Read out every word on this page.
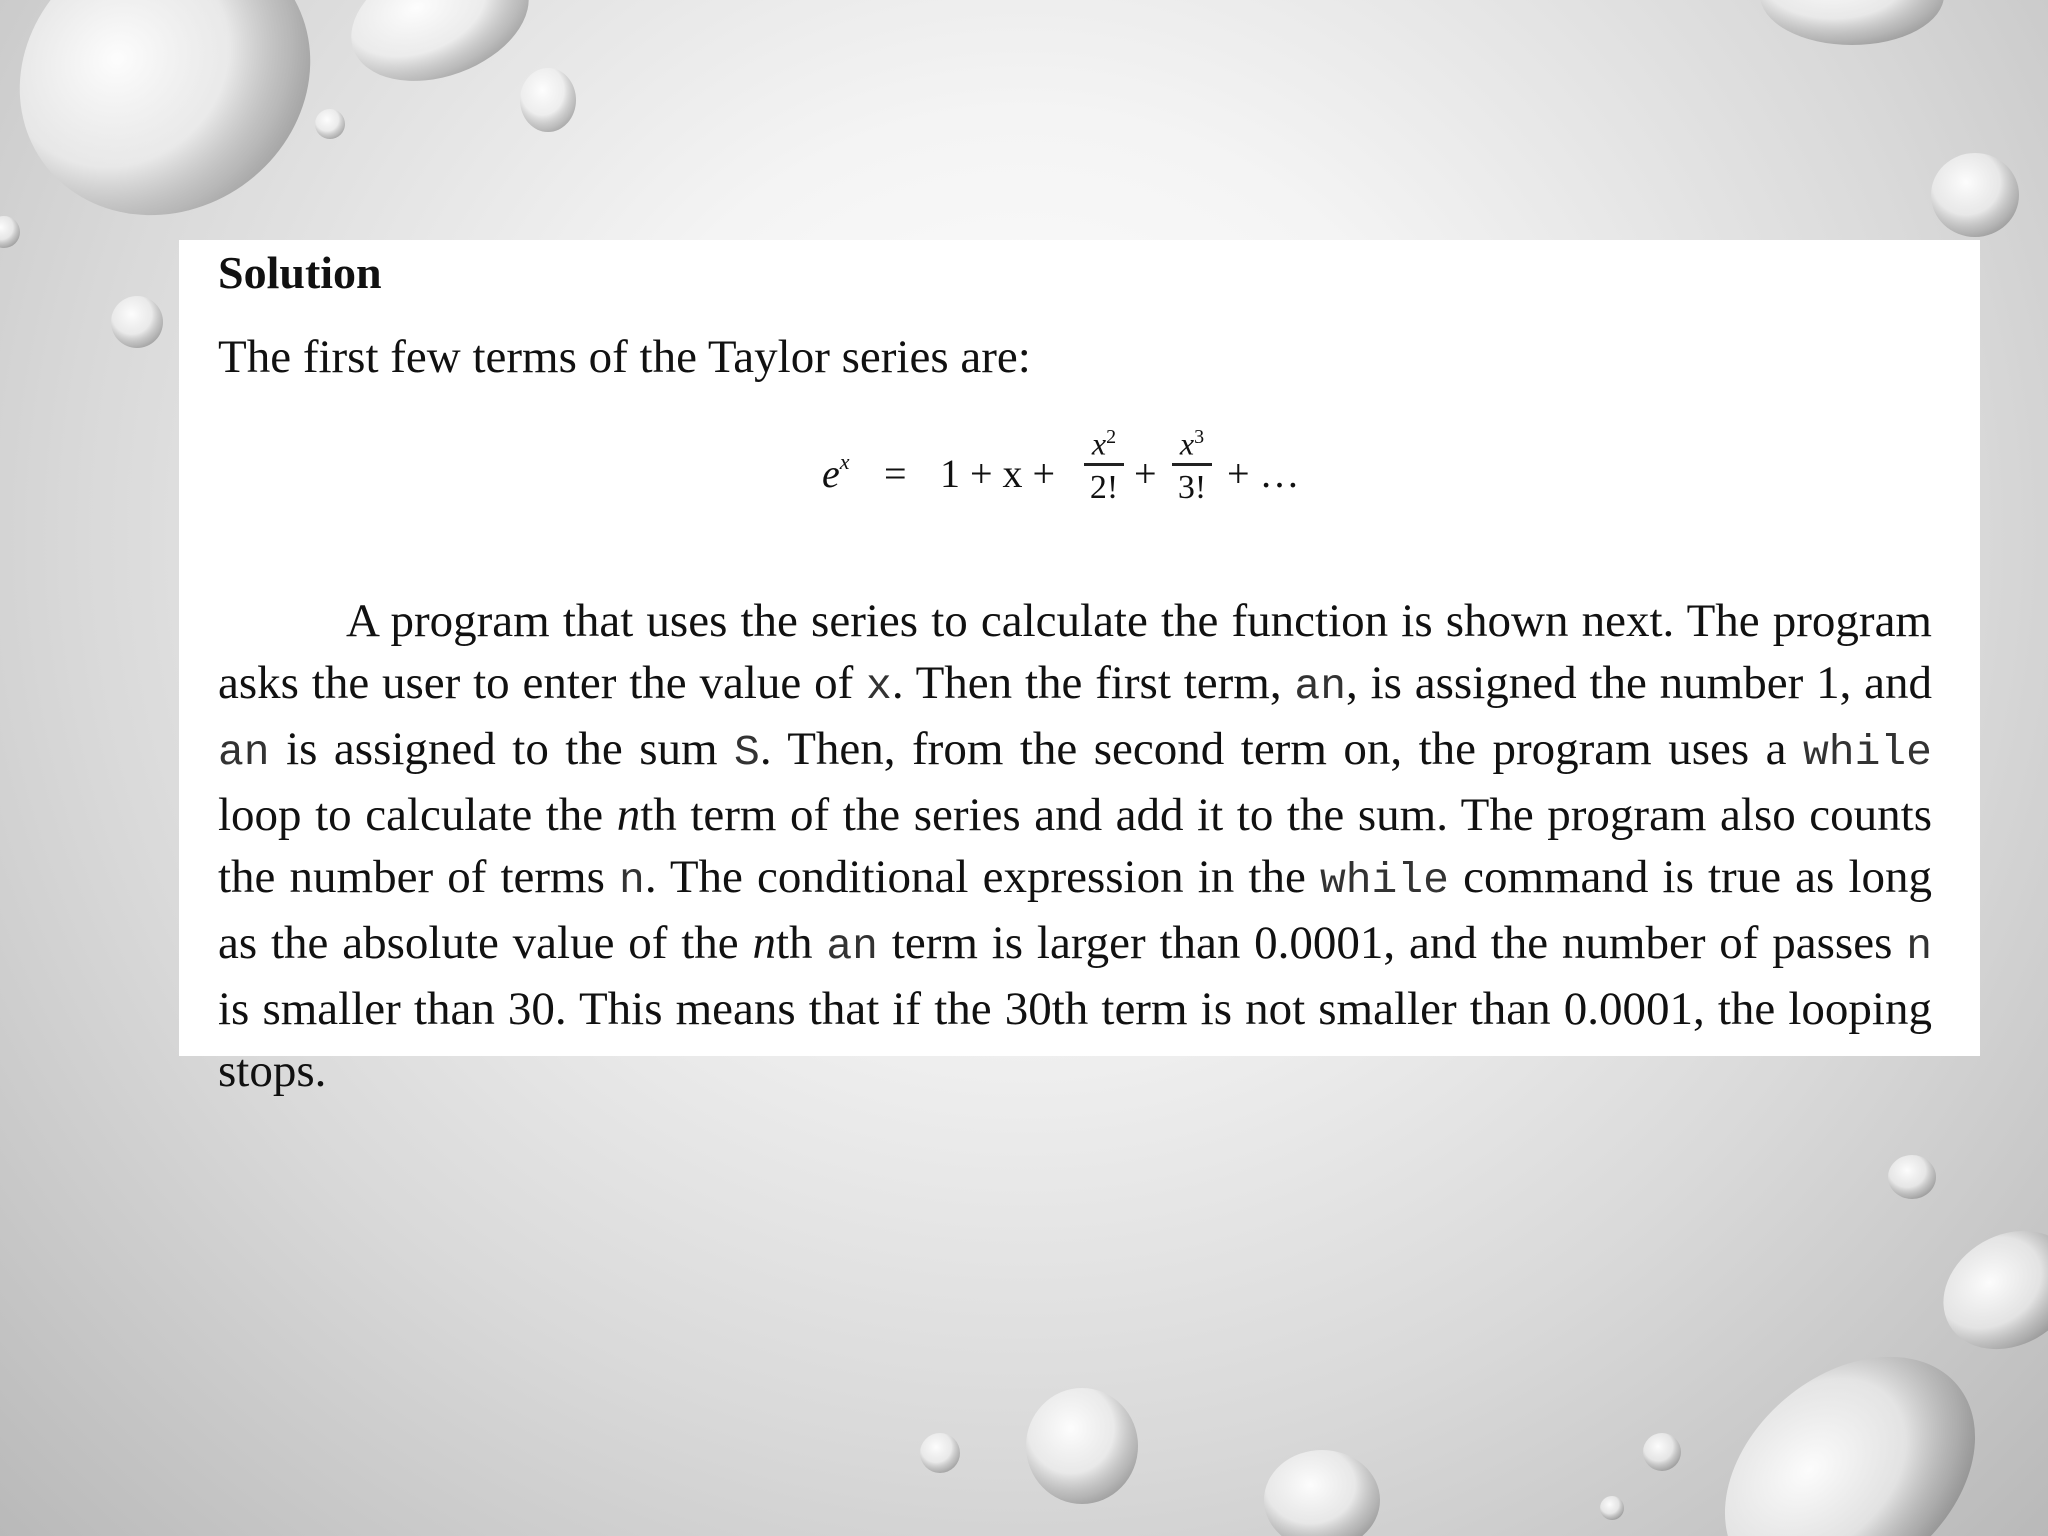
Solution
The first few terms of the Taylor series are:
$e^x = 1 + x$ +
$x^2$
2! +
$x^3$
3! + …

A program that uses the series to calculate the function is shown next. The program asks the user to enter the value of x. Then the first term, an, is assigned the number 1, and an is assigned to the sum S. Then, from the second term on, the program uses a while loop to calculate the nth term of the series and add it to the sum. The program also counts the number of terms n. The conditional expression in the while command is true as long as the absolute value of the nth an term is larger than 0.0001, and the number of passes n is smaller than 30. This means that if the 30th term is not smaller than 0.0001, the looping stops.
